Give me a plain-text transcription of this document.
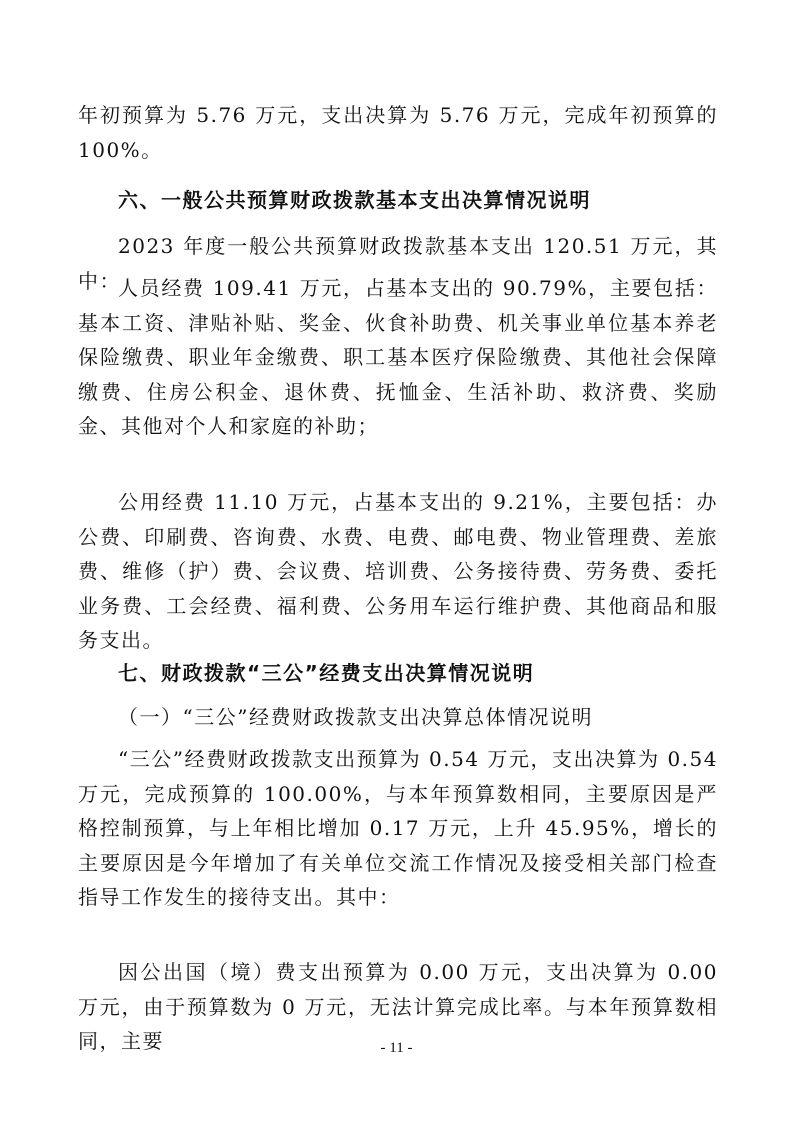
年初预算为 5.76 万元，支出决算为 5.76 万元，完成年初预算的100%。
六、一般公共预算财政拨款基本支出决算情况说明
2023 年度一般公共预算财政拨款基本支出 120.51 万元，其中：
人员经费 109.41 万元，占基本支出的 90.79%，主要包括：基本工资、津贴补贴、奖金、伙食补助费、机关事业单位基本养老保险缴费、职业年金缴费、职工基本医疗保险缴费、其他社会保障缴费、住房公积金、退休费、抚恤金、生活补助、救济费、奖励金、其他对个人和家庭的补助；
公用经费 11.10 万元，占基本支出的 9.21%，主要包括：办公费、印刷费、咨询费、水费、电费、邮电费、物业管理费、差旅费、维修（护）费、会议费、培训费、公务接待费、劳务费、委托业务费、工会经费、福利费、公务用车运行维护费、其他商品和服务支出。
七、财政拨款“三公”经费支出决算情况说明
（一）“三公”经费财政拨款支出决算总体情况说明
“三公”经费财政拨款支出预算为 0.54 万元，支出决算为 0.54 万元，完成预算的 100.00%，与本年预算数相同，主要原因是严格控制预算，与上年相比增加 0.17 万元，上升 45.95%，增长的主要原因是今年增加了有关单位交流工作情况及接受相关部门检查指导工作发生的接待支出。其中：
因公出国（境）费支出预算为 0.00 万元，支出决算为 0.00 万元，由于预算数为 0 万元，无法计算完成比率。与本年预算数相同，主要	- 11 -
